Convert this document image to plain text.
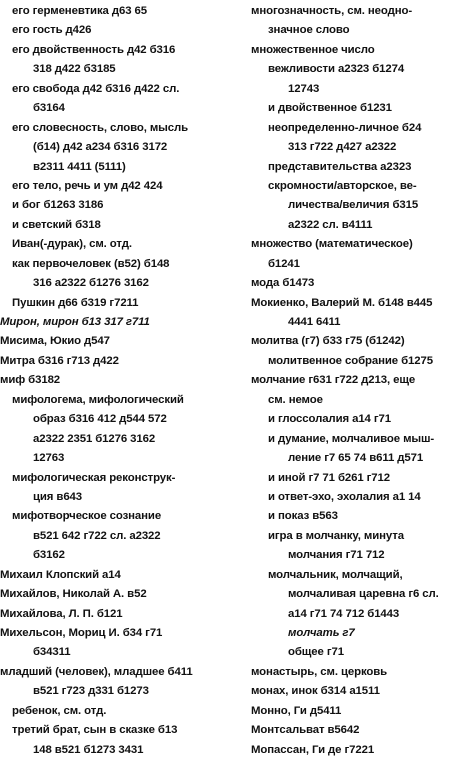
его герменевтика д63 65
его гость д426
его двойственность д42 б316
318 д422 б3185
его свобода д42 б316 д422 сл.
б3164
его словесность, слово, мысль
(б14) д42 а234 б316 3172
в2311 4411 (5111)
его тело, речь и ум д42 424
и бог б1263 3186
и светский б318
Иван(-дурак), см. отд.
как первочеловек (в52) б148
316 а2322 б1276 3162
Пушкин д66 б319 г7211
Мирон, мирон б13 317 г711
Мисима, Юкио д547
Митра б316 г713 д422
миф б3182
мифологема, мифологический
образ б316 412 д544 572
а2322 2351 б1276 3162
12763
мифологическая реконструк-
ция в643
мифотворческое сознание
в521 642 г722 сл. а2322
б3162
Михаил Клопский а14
Михайлов, Николай А. в52
Михайлова, Л. П. б121
Михельсон, Мориц И. б34 г71
б34311
младший (человек), младшее б411
в521 г723 д331 б1273
ребенок, см. отд.
третий брат, сын в сказке б13
148 в521 б1273 3431
многозначность, см. неодно-
значное слово
множественное число
вежливости а2323 б1274
12743
и двойственное б1231
неопределенно-личное б24
313 г722 д427 а2322
представительства а2323
скромности/авторское, ве-
личества/величия б315
а2322 сл. в4111
множество (математическое)
б1241
мода б1473
Мокиенко, Валерий М. б148 в445
4441 6411
молитва (г7) б33 г75 (б1242)
молитвенное собрание б1275
молчание г631 г722 д213, еще
см. немое
и глоссолалия а14 г71
и думание, молчаливое мыш-
ление г7 65 74 в611 д571
и иной г7 71 б261 г712
и ответ-эхо, эхолалия а1 14
и показ в563
игра в молчанку, минута
молчания г71 712
молчальник, молчащий,
молчаливая царевна г6 сл.
а14 г71 74 712 б1443
молчать г7
общее г71
монастырь, см. церковь
монах, инок б314 а1511
Монно, Ги д5411
Монтсальват в5642
Мопассан, Ги де г7221
